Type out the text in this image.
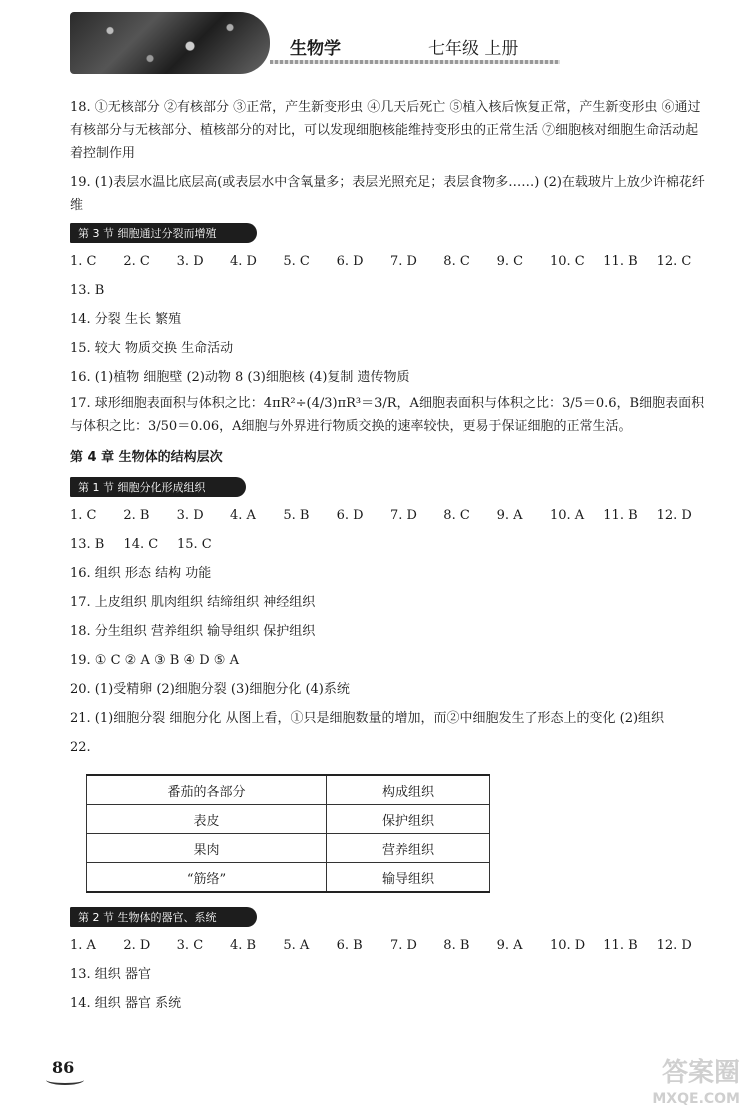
生物学	七年级 上册

18. ①无核部分 ②有核部分 ③正常，产生新变形虫 ④几天后死亡 ⑤植入核后恢复正常，产生新变形虫 ⑥通过有核部分与无核部分、植核部分的对比，可以发现细胞核能维持变形虫的正常生活 ⑦细胞核对细胞生命活动起着控制作用

19. (1)表层水温比底层高(或表层水中含氧量多；表层光照充足；表层食物多……) (2)在载玻片上放少许棉花纤维

第 3 节 细胞通过分裂而增殖
1. C	2. C	3. D	4. D	5. C	6. D	7. D	8. C	9. C	10. C	11. B	12. C
13. B
14. 分裂 生长 繁殖
15. 较大 物质交换 生命活动
16. (1)植物 细胞壁 (2)动物 8 (3)细胞核 (4)复制 遗传物质

17. 球形细胞表面积与体积之比：4πR²÷(4/3)πR³＝3/R，A细胞表面积与体积之比：3/5＝0.6，B细胞表面积与体积之比：3/50＝0.06，A细胞与外界进行物质交换的速率较快，更易于保证细胞的正常生活。

第 4 章 生物体的结构层次
第 1 节 细胞分化形成组织
1. C	2. B	3. D	4. A	5. B	6. D	7. D	8. C	9. A	10. A	11. B	12. D
13. B	14. C	15. C
16. 组织 形态 结构 功能
17. 上皮组织 肌肉组织 结缔组织 神经组织
18. 分生组织 营养组织 输导组织 保护组织
19. ① C ② A ③ B ④ D ⑤ A
20. (1)受精卵 (2)细胞分裂 (3)细胞分化 (4)系统
21. (1)细胞分裂 细胞分化 从图上看，①只是细胞数量的增加，而②中细胞发生了形态上的变化 (2)组织
22.
番茄的各部分	构成组织
表皮	保护组织
果肉	营养组织
“筋络”	输导组织
第 2 节 生物体的器官、系统
1. A	2. D	3. C	4. B	5. A	6. B	7. D	8. B	9. A	10. D	11. B	12. D
13. 组织 器官
14. 组织 器官 系统
86	答案圈
MXQE.COM
